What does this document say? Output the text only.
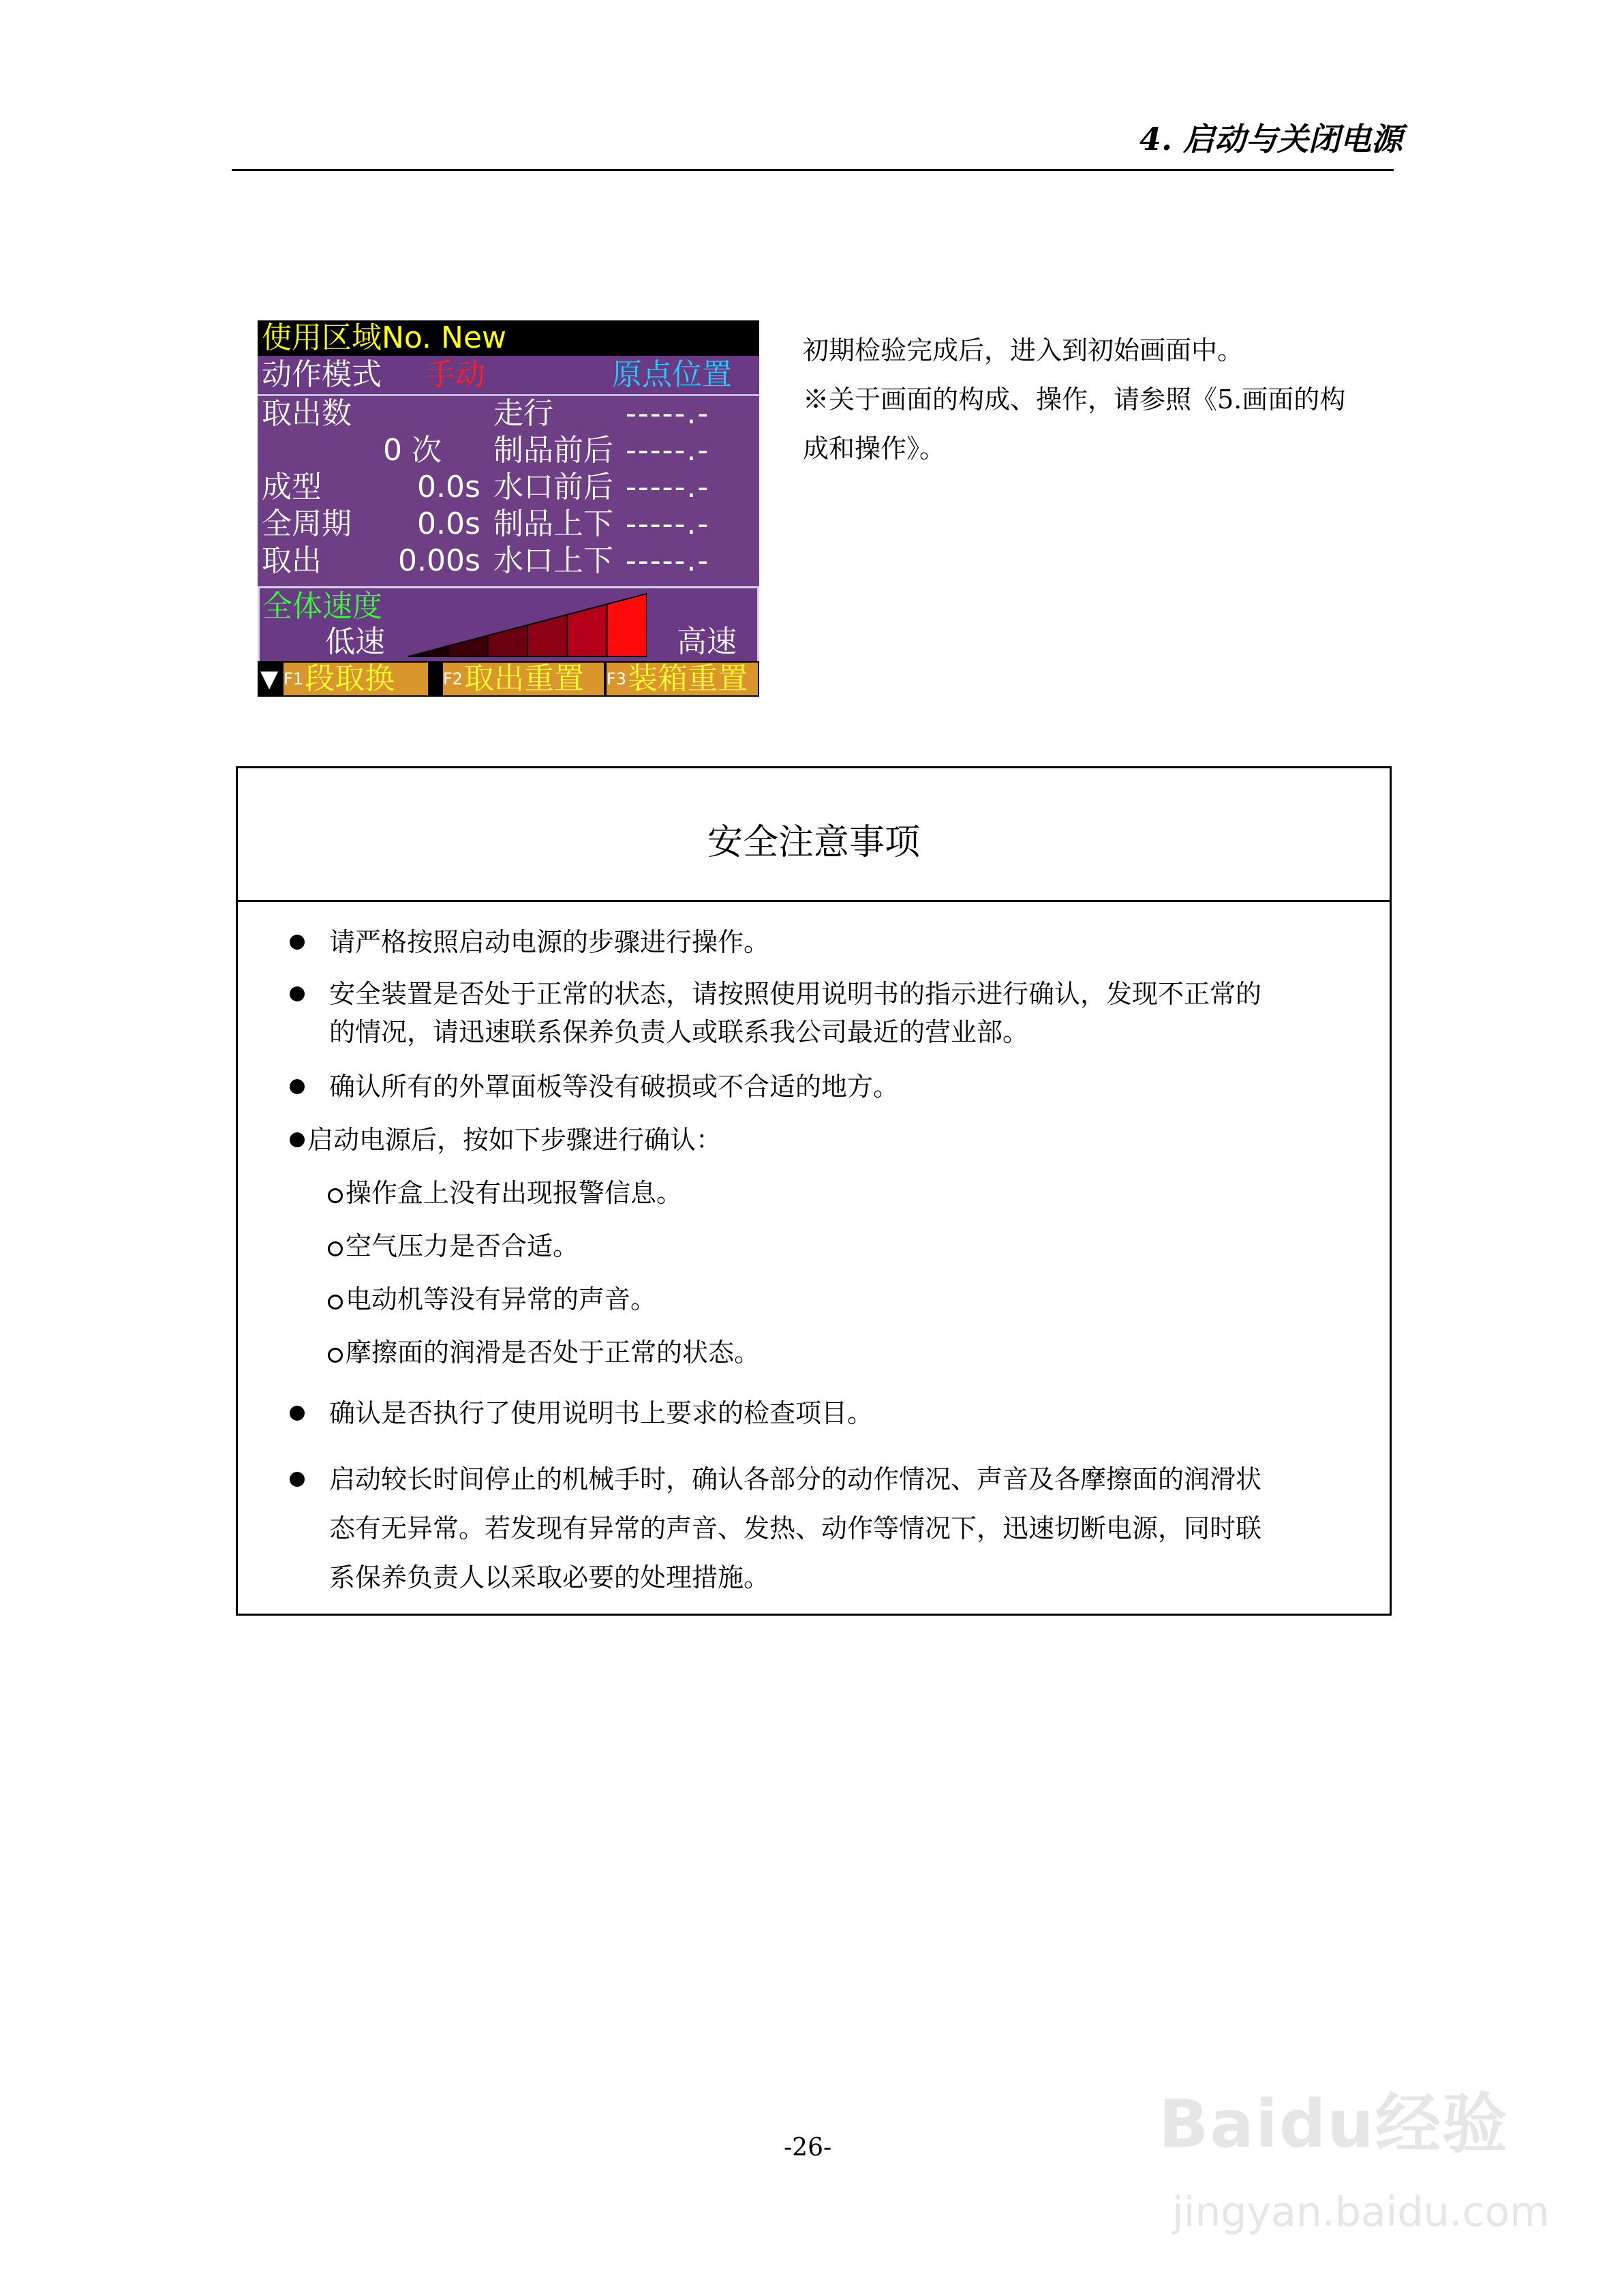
4. 启动与关闭电源
使用区域No. New
动作模式 手动	原点位置
取出数	走行 -----.-
0 次 制品前后 -----.-
成型	0.0s 水口前后 -----.-
全周期 0.0s 制品上下 -----.-
取出	0.00s 水口上下 -----.-
全体速度
低速	高速
▼ $^{F1}$段取换	$^{F2}$取出重置	$^{F3}$装箱重置

初期检验完成后，进入到初始画面中。

※关于画面的构成、操作，请参照《5.画面的构

成和操作》。

安全注意事项
请严格按照启动电源的步骤进行操作。
安全装置是否处于正常的状态，请按照使用说明书的指示进行确认，发现不正常的
的情况，请迅速联系保养负责人或联系我公司最近的营业部。
确认所有的外罩面板等没有破损或不合适的地方。
启动电源后，按如下步骤进行确认：
操作盒上没有出现报警信息。
空气压力是否合适。
电动机等没有异常的声音。
摩擦面的润滑是否处于正常的状态。
确认是否执行了使用说明书上要求的检查项目。
启动较长时间停止的机械手时，确认各部分的动作情况、声音及各摩擦面的润滑状
态有无异常。若发现有异常的声音、发热、动作等情况下，迅速切断电源，同时联
系保养负责人以采取必要的处理措施。
-26-	Baidu经验
jingyan.baidu.com
